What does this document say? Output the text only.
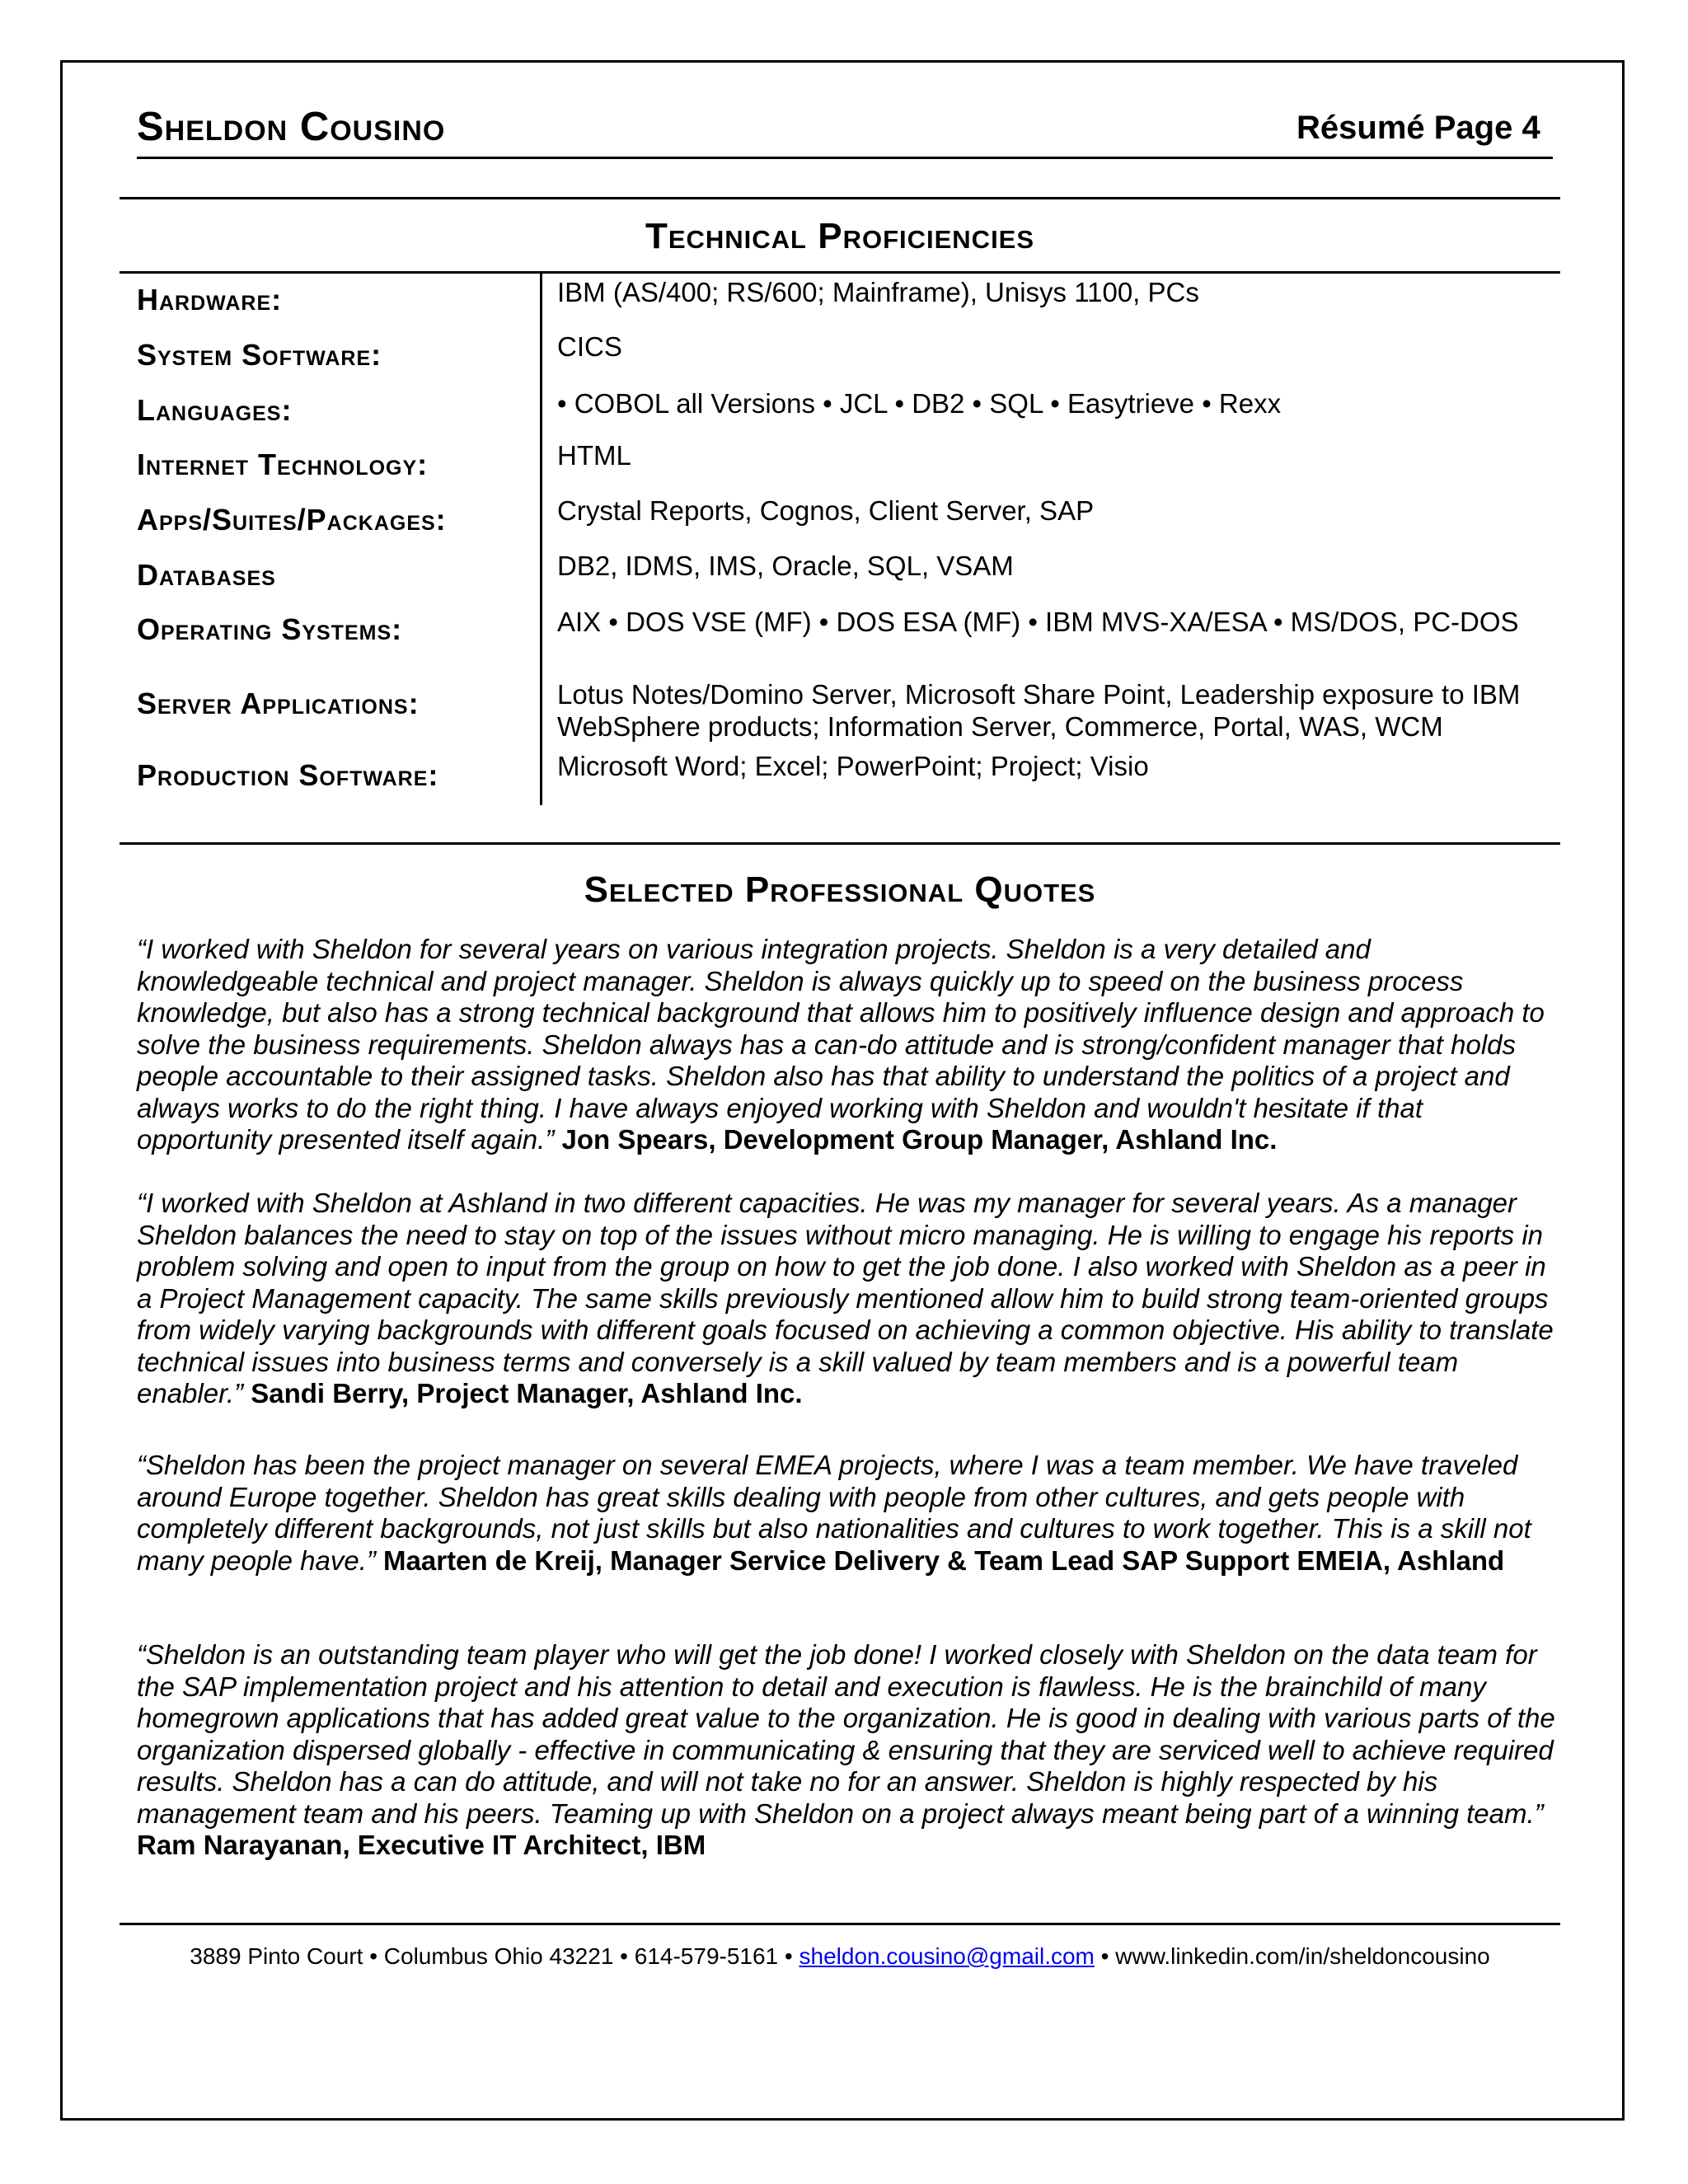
Sheldon Cousino	Résumé Page 4
Technical Proficiencies
Hardware:	IBM (AS/400; RS/600; Mainframe), Unisys 1100, PCs
System Software:	CICS
Languages:	• COBOL all Versions • JCL • DB2 • SQL • Easytrieve • Rexx
Internet Technology:	HTML
Apps/Suites/Packages:	Crystal Reports, Cognos, Client Server, SAP
Databases	DB2, IDMS, IMS, Oracle, SQL, VSAM
Operating Systems:	AIX • DOS VSE (MF) • DOS ESA (MF) • IBM MVS-XA/ESA • MS/DOS, PC-DOS
Server Applications:	Lotus Notes/Domino Server, Microsoft Share Point, Leadership exposure to IBM WebSphere products; Information Server, Commerce, Portal, WAS, WCM
Production Software:	Microsoft Word; Excel; PowerPoint; Project; Visio
Selected Professional Quotes
“I worked with Sheldon for several years on various integration projects. Sheldon is a very detailed and knowledgeable technical and project manager. Sheldon is always quickly up to speed on the business process knowledge, but also has a strong technical background that allows him to positively influence design and approach to solve the business requirements. Sheldon always has a can-do attitude and is strong/confident manager that holds people accountable to their assigned tasks. Sheldon also has that ability to understand the politics of a project and always works to do the right thing. I have always enjoyed working with Sheldon and wouldn't hesitate if that opportunity presented itself again.” Jon Spears, Development Group Manager, Ashland Inc.
“I worked with Sheldon at Ashland in two different capacities. He was my manager for several years. As a manager Sheldon balances the need to stay on top of the issues without micro managing. He is willing to engage his reports in problem solving and open to input from the group on how to get the job done. I also worked with Sheldon as a peer in a Project Management capacity. The same skills previously mentioned allow him to build strong team-oriented groups from widely varying backgrounds with different goals focused on achieving a common objective. His ability to translate technical issues into business terms and conversely is a skill valued by team members and is a powerful team enabler.” Sandi Berry, Project Manager, Ashland Inc.
“Sheldon has been the project manager on several EMEA projects, where I was a team member. We have traveled around Europe together. Sheldon has great skills dealing with people from other cultures, and gets people with completely different backgrounds, not just skills but also nationalities and cultures to work together. This is a skill not many people have.” Maarten de Kreij, Manager Service Delivery & Team Lead SAP Support EMEIA, Ashland
“Sheldon is an outstanding team player who will get the job done! I worked closely with Sheldon on the data team for the SAP implementation project and his attention to detail and execution is flawless. He is the brainchild of many homegrown applications that has added great value to the organization. He is good in dealing with various parts of the organization dispersed globally - effective in communicating & ensuring that they are serviced well to achieve required results. Sheldon has a can do attitude, and will not take no for an answer. Sheldon is highly respected by his management team and his peers. Teaming up with Sheldon on a project always meant being part of a winning team.” Ram Narayanan, Executive IT Architect, IBM
3889 Pinto Court • Columbus Ohio 43221 • 614-579-5161 • sheldon.cousino@gmail.com • www.linkedin.com/in/sheldoncousino
